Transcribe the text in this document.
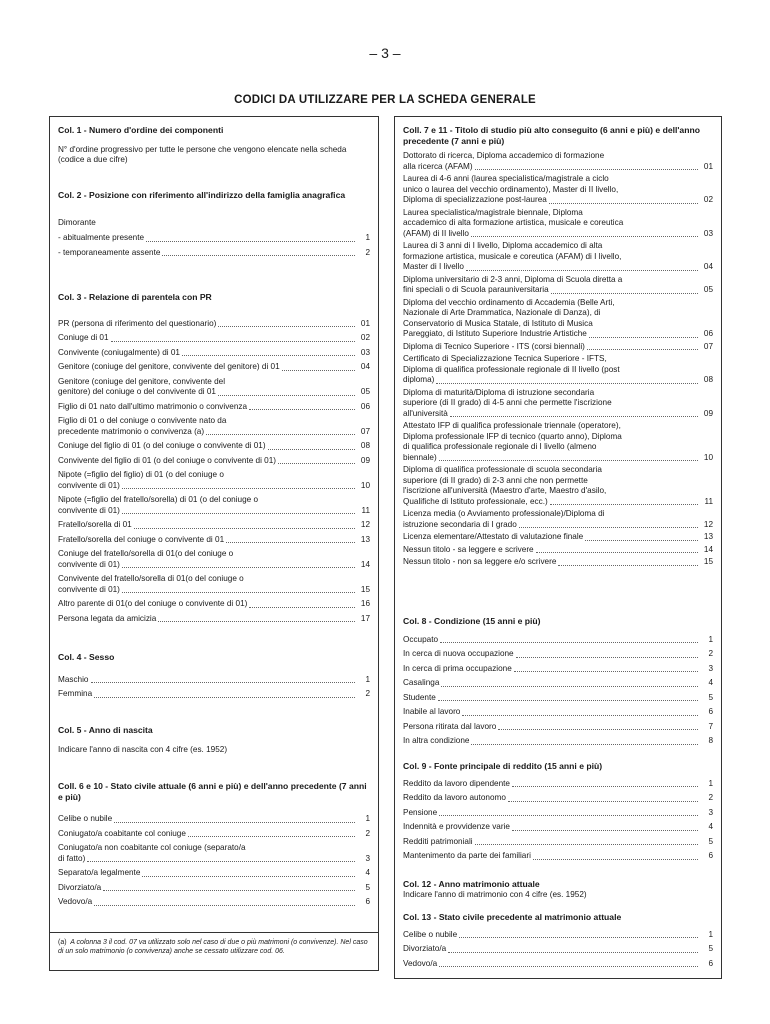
– 3 –
CODICI DA UTILIZZARE PER LA SCHEDA GENERALE
Col. 1 - Numero d'ordine dei componenti
N° d'ordine progressivo per tutte le persone che vengono elencate nella scheda (codice a due cifre)
Col. 2 - Posizione con riferimento all'indirizzo della famiglia anagrafica
Dimorante
- abitualmente presente	1
- temporaneamente assente	2
Col. 3 - Relazione di parentela con PR
PR (persona di riferimento del questionario)	01
Coniuge di 01	02
Convivente (coniugalmente) di 01	03
Genitore (coniuge del genitore, convivente del genitore) di 01	04
Genitore (coniuge del genitore, convivente del
genitore) del coniuge o del convivente di 01	05
Figlio di 01 nato dall'ultimo matrimonio o convivenza	06
Figlio di 01 o del coniuge o convivente nato da
precedente matrimonio o convivenza (a)	07
Coniuge del figlio di 01 (o del coniuge o convivente di 01)	08
Convivente del figlio di 01 (o del coniuge o convivente di 01)	09
Nipote (=figlio del figlio) di 01 (o del coniuge o
convivente di 01)	10
Nipote (=figlio del fratello/sorella) di 01 (o del coniuge o
convivente di 01)	11
Fratello/sorella di 01	12
Fratello/sorella del coniuge o convivente di 01	13
Coniuge del fratello/sorella di 01(o del coniuge o
convivente di 01)	14
Convivente del fratello/sorella di 01(o del coniuge o
convivente di 01)	15
Altro parente di 01(o del coniuge o convivente di 01)	16
Persona legata da amicizia	17
Col. 4 - Sesso
Maschio	1
Femmina	2
Col. 5 - Anno di nascita
Indicare l'anno di nascita con 4 cifre (es. 1952)
Coll. 6 e 10 - Stato civile attuale (6 anni e più) e dell'anno precedente (7 anni e più)
Celibe o nubile	1
Coniugato/a coabitante col coniuge	2
Coniugato/a non coabitante col coniuge (separato/a
di fatto)	3
Separato/a legalmente	4
Divorziato/a	5
Vedovo/a	6
(a) A colonna 3 il cod. 07 va utilizzato solo nel caso di due o più matrimoni (o convivenze). Nel caso di un solo matrimonio (o convivenza) anche se cessato utilizzare cod. 06.
Coll. 7 e 11 - Titolo di studio più alto conseguito (6 anni e più) e dell'anno precedente (7 anni e più)
Dottorato di ricerca, Diploma accademico di formazione
alla ricerca (AFAM)	01
Laurea di 4-6 anni (laurea specialistica/magistrale a ciclo
unico o laurea del vecchio ordinamento), Master di II livello,
Diploma di specializzazione post-laurea	02
Laurea specialistica/magistrale biennale, Diploma
accademico di alta formazione artistica, musicale e coreutica
(AFAM) di II livello	03
Laurea di 3 anni di I livello, Diploma accademico di alta
formazione artistica, musicale e coreutica (AFAM) di I livello,
Master di I livello	04
Diploma universitario di 2-3 anni, Diploma di Scuola diretta a
fini speciali o di Scuola parauniversitaria	05
Diploma del vecchio ordinamento di Accademia (Belle Arti,
Nazionale di Arte Drammatica, Nazionale di Danza), di
Conservatorio di Musica Statale, di Istituto di Musica
Pareggiato, di Istituto Superiore Industrie Artistiche	06
Diploma di Tecnico Superiore - ITS (corsi biennali)	07
Certificato di Specializzazione Tecnica Superiore - IFTS,
Diploma di qualifica professionale regionale di II livello (post
diploma)	08
Diploma di maturità/Diploma di istruzione secondaria
superiore (di II grado) di 4-5 anni che permette l'iscrizione
all'università	09
Attestato IFP di qualifica professionale triennale (operatore),
Diploma professionale IFP di tecnico (quarto anno), Diploma
di qualifica professionale regionale di I livello (almeno
biennale)	10
Diploma di qualifica professionale di scuola secondaria
superiore (di II grado) di 2-3 anni che non permette
l'iscrizione all'università (Maestro d'arte, Maestro d'asilo,
Qualifiche di Istituto professionale, ecc.)	11
Licenza media (o Avviamento professionale)/Diploma di
istruzione secondaria di I grado	12
Licenza elementare/Attestato di valutazione finale	13
Nessun titolo - sa leggere e scrivere	14
Nessun titolo - non sa leggere e/o scrivere	15
Col. 8 - Condizione (15 anni e più)
Occupato	1
In cerca di nuova occupazione	2
In cerca di prima occupazione	3
Casalinga	4
Studente	5
Inabile al lavoro	6
Persona ritirata dal lavoro	7
In altra condizione	8
Col. 9 - Fonte principale di reddito (15 anni e più)
Reddito da lavoro dipendente	1
Reddito da lavoro autonomo	2
Pensione	3
Indennità e provvidenze varie	4
Redditi patrimoniali	5
Mantenimento da parte dei familiari	6
Col. 12 - Anno matrimonio attuale
Indicare l'anno di matrimonio con 4 cifre (es. 1952)
Col. 13 - Stato civile precedente al matrimonio attuale
Celibe o nubile	1
Divorziato/a	5
Vedovo/a	6
